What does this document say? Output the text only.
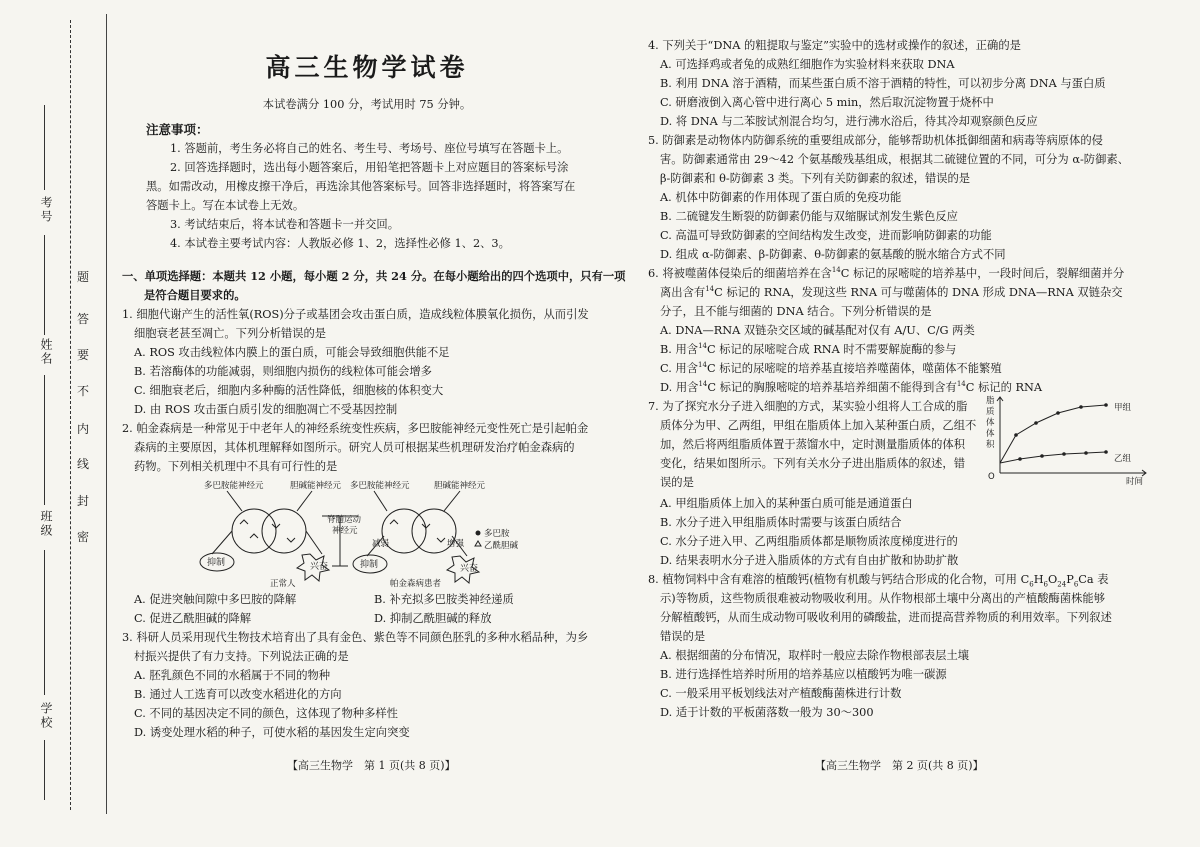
考号
姓名
班级
学校
题
答
要
不
内
线
封
密

高三生物学试卷

本试卷满分 100 分，考试用时 75 分钟。

注意事项：

1. 答题前，考生务必将自己的姓名、考生号、考场号、座位号填写在答题卡上。

2. 回答选择题时，选出每小题答案后，用铅笔把答题卡上对应题目的答案标号涂

黑。如需改动，用橡皮擦干净后，再选涂其他答案标号。回答非选择题时，将答案写在

答题卡上。写在本试卷上无效。

3. 考试结束后，将本试卷和答题卡一并交回。

4. 本试卷主要考试内容：人教版必修 1、2，选择性必修 1、2、3。

一、单项选择题：本题共 12 小题，每小题 2 分，共 24 分。在每小题给出的四个选项中，只有一项

是符合题目要求的。

1. 细胞代谢产生的活性氧(ROS)分子或基团会攻击蛋白质，造成线粒体膜氧化损伤，从而引发

细胞衰老甚至凋亡。下列分析错误的是

A. ROS 攻击线粒体内膜上的蛋白质，可能会导致细胞供能不足

B. 若溶酶体的功能减弱，则细胞内损伤的线粒体可能会增多

C. 细胞衰老后，细胞内多种酶的活性降低，细胞核的体积变大

D. 由 ROS 攻击蛋白质引发的细胞凋亡不受基因控制

2. 帕金森病是一种常见于中老年人的神经系统变性疾病，多巴胺能神经元变性死亡是引起帕金

森病的主要原因，其体机理解释如图所示。研究人员可根据某些机理研发治疗帕金森病的

药物。下列相关机理中不具有可行性的是

多巴胺能神经元	胆碱能神经元 多巴胺能神经元	胆碱能神经元
脊髓运动
神经元
减弱	增强
正常人	帕金森病患者
多巴胺
乙酰胆碱
抑制	兴奋	抑制	兴奋

A. 促进突触间隙中多巴胺的降解	B. 补充拟多巴胺类神经递质

C. 促进乙酰胆碱的降解	D. 抑制乙酰胆碱的释放

3. 科研人员采用现代生物技术培育出了具有金色、紫色等不同颜色胚乳的多种水稻品种，为乡

村振兴提供了有力支持。下列说法正确的是

A. 胚乳颜色不同的水稻属于不同的物种

B. 通过人工选育可以改变水稻进化的方向

C. 不同的基因决定不同的颜色，这体现了物种多样性

D. 诱变处理水稻的种子，可使水稻的基因发生定向突变

【高三生物学　第 1 页(共 8 页)】

4. 下列关于“DNA 的粗提取与鉴定”实验中的选材或操作的叙述，正确的是

A. 可选择鸡或者兔的成熟红细胞作为实验材料来获取 DNA

B. 利用 DNA 溶于酒精，而某些蛋白质不溶于酒精的特性，可以初步分离 DNA 与蛋白质

C. 研磨液倒入离心管中进行离心 5 min，然后取沉淀物置于烧杯中

D. 将 DNA 与二苯胺试剂混合均匀，进行沸水浴后，待其冷却观察颜色反应

5. 防御素是动物体内防御系统的重要组成部分，能够帮助机体抵御细菌和病毒等病原体的侵

害。防御素通常由 29～42 个氨基酸残基组成，根据其二硫键位置的不同，可分为 α-防御素、

β-防御素和 θ-防御素 3 类。下列有关防御素的叙述，错误的是

A. 机体中防御素的作用体现了蛋白质的免疫功能

B. 二硫键发生断裂的防御素仍能与双缩脲试剂发生紫色反应

C. 高温可导致防御素的空间结构发生改变，进而影响防御素的功能

D. 组成 α-防御素、β-防御素、θ-防御素的氨基酸的脱水缩合方式不同

6. 将被噬菌体侵染后的细菌培养在含$^{14}$C 标记的尿嘧啶的培养基中，一段时间后，裂解细菌并分

离出含有$^{14}$C 标记的 RNA，发现这些 RNA 可与噬菌体的 DNA 形成 DNA—RNA 双链杂交

分子，且不能与细菌的 DNA 结合。下列分析错误的是

A. DNA—RNA 双链杂交区域的碱基配对仅有 A/U、C/G 两类

B. 用含$^{14}$C 标记的尿嘧啶合成 RNA 时不需要解旋酶的参与

C. 用含$^{14}$C 标记的尿嘧啶的培养基直接培养噬菌体，噬菌体不能繁殖

D. 用含$^{14}$C 标记的胸腺嘧啶的培养基培养细菌不能得到含有$^{14}$C 标记的 RNA

7. 为了探究水分子进入细胞的方式，某实验小组将人工合成的脂

质体分为甲、乙两组，甲组在脂质体上加入某种蛋白质，乙组不

加，然后将两组脂质体置于蒸馏水中，定时测量脂质体的体积

变化，结果如图所示。下列有关水分子进出脂质体的叙述，错

误的是

脂
质
体
体
积
O	时间
甲组
乙组

A. 甲组脂质体上加入的某种蛋白质可能是通道蛋白

B. 水分子进入甲组脂质体时需要与该蛋白质结合

C. 水分子进入甲、乙两组脂质体都是顺物质浓度梯度进行的

D. 结果表明水分子进入脂质体的方式有自由扩散和协助扩散

8. 植物饲料中含有难溶的植酸钙(植物有机酸与钙结合形成的化合物，可用 $C_6H_6O_{24}P_6Ca$ 表

示)等物质，这些物质很难被动物吸收利用。从作物根部土壤中分离出的产植酸酶菌株能够

分解植酸钙，从而生成动物可吸收利用的磷酸盐，进而提高营养物质的利用效率。下列叙述

错误的是

A. 根据细菌的分布情况，取样时一般应去除作物根部表层土壤

B. 进行选择性培养时所用的培养基应以植酸钙为唯一碳源

C. 一般采用平板划线法对产植酸酶菌株进行计数

D. 适于计数的平板菌落数一般为 30～300

【高三生物学　第 2 页(共 8 页)】
